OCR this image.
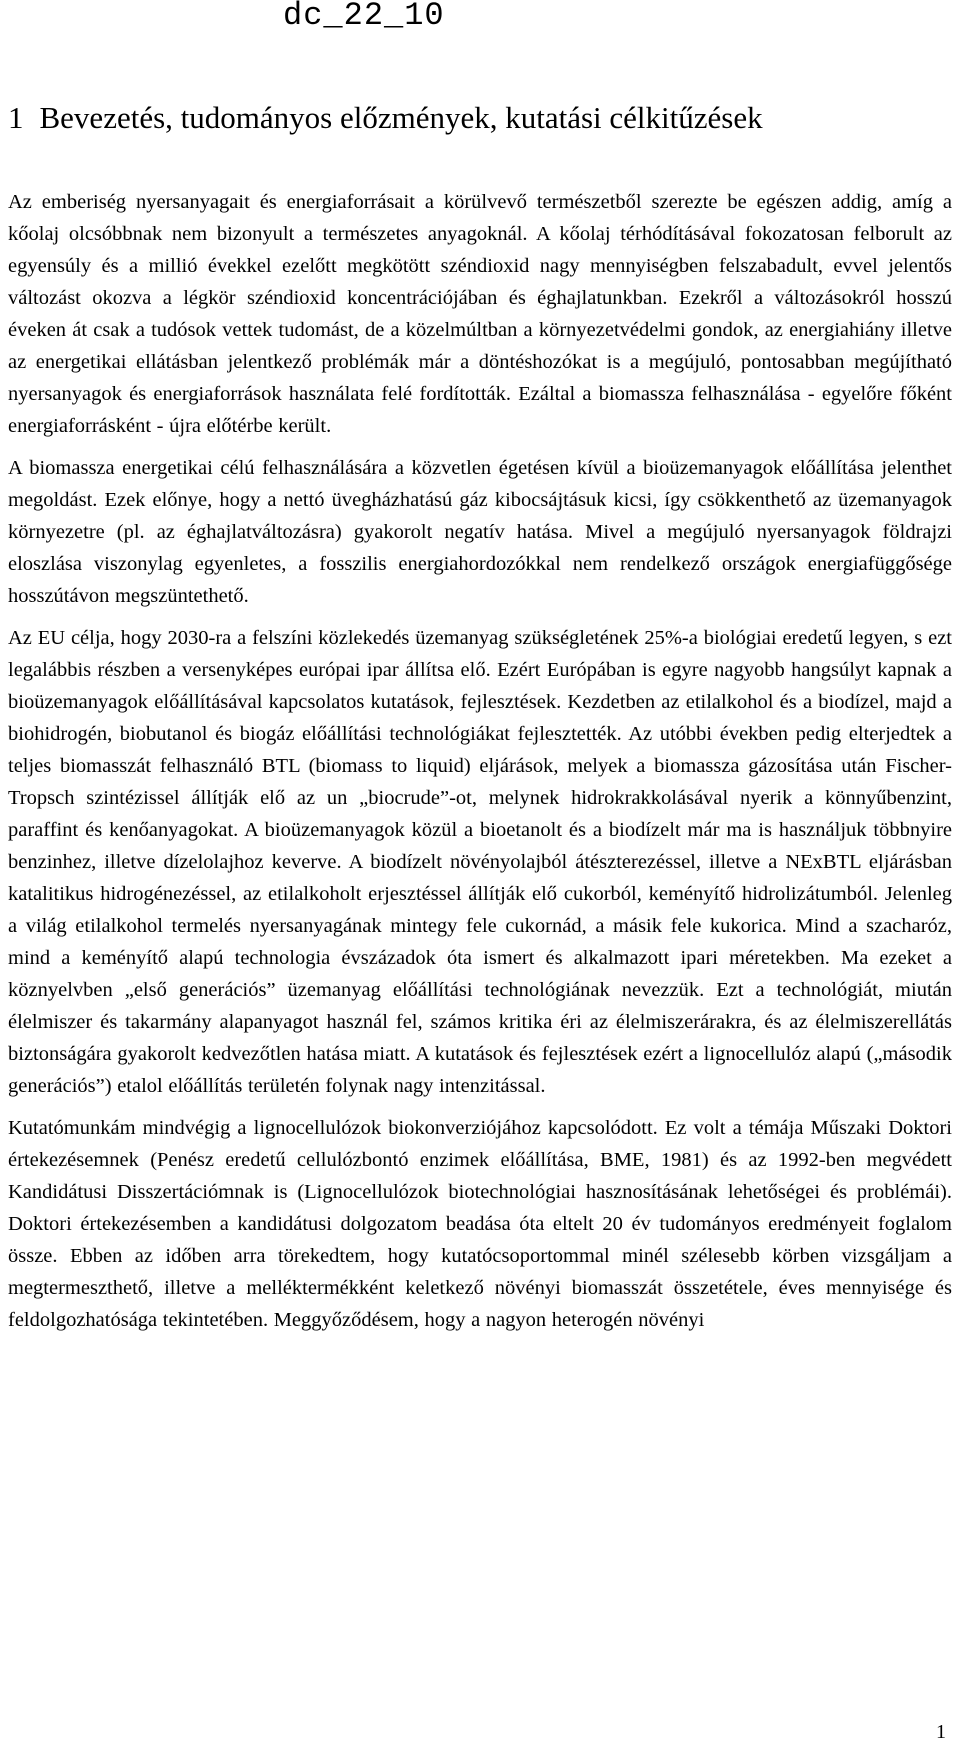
dc_22_10
1 Bevezetés, tudományos előzmények, kutatási célkitűzések

Az emberiség nyersanyagait és energiaforrásait a körülvevő természetből szerezte be egészen addig, amíg a kőolaj olcsóbbnak nem bizonyult a természetes anyagoknál. A kőolaj térhódításával fokozatosan felborult az egyensúly és a millió évekkel ezelőtt megkötött széndioxid nagy mennyiségben felszabadult, evvel jelentős változást okozva a légkör széndioxid koncentrációjában és éghajlatunkban. Ezekről a változásokról hosszú éveken át csak a tudósok vettek tudomást, de a közelmúltban a környezetvédelmi gondok, az energiahiány illetve az energetikai ellátásban jelentkező problémák már a döntéshozókat is a megújuló, pontosabban megújítható nyersanyagok és energiaforrások használata felé fordították. Ezáltal a biomassza felhasználása - egyelőre főként energiaforrásként - újra előtérbe került.

A biomassza energetikai célú felhasználására a közvetlen égetésen kívül a bioüzemanyagok előállítása jelenthet megoldást. Ezek előnye, hogy a nettó üvegházhatású gáz kibocsájtásuk kicsi, így csökkenthető az üzemanyagok környezetre (pl. az éghajlatváltozásra) gyakorolt negatív hatása. Mivel a megújuló nyersanyagok földrajzi eloszlása viszonylag egyenletes, a fosszilis energiahordozókkal nem rendelkező országok energiafüggősége hosszútávon megszüntethető.

Az EU célja, hogy 2030-ra a felszíni közlekedés üzemanyag szükségletének 25%-a biológiai eredetű legyen, s ezt legalábbis részben a versenyképes európai ipar állítsa elő. Ezért Európában is egyre nagyobb hangsúlyt kapnak a bioüzemanyagok előállításával kapcsolatos kutatások, fejlesztések. Kezdetben az etilalkohol és a biodízel, majd a biohidrogén, biobutanol és biogáz előállítási technológiákat fejlesztették. Az utóbbi években pedig elterjedtek a teljes biomasszát felhasználó BTL (biomass to liquid) eljárások, melyek a biomassza gázosítása után Fischer-Tropsch szintézissel állítják elő az un „biocrude”-ot, melynek hidrokrakkolásával nyerik a könnyűbenzint, paraffint és kenőanyagokat. A bioüzemanyagok közül a bioetanolt és a biodízelt már ma is használjuk többnyire benzinhez, illetve dízelolajhoz keverve. A biodízelt növényolajból átészterezéssel, illetve a NExBTL eljárásban katalitikus hidrogénezéssel, az etilalkoholt erjesztéssel állítják elő cukorból, keményítő hidrolizátumból. Jelenleg a világ etilalkohol termelés nyersanyagának mintegy fele cukornád, a másik fele kukorica. Mind a szacharóz, mind a keményítő alapú technologia évszázadok óta ismert és alkalmazott ipari méretekben. Ma ezeket a köznyelvben „első generációs” üzemanyag előállítási technológiának nevezzük. Ezt a technológiát, miután élelmiszer és takarmány alapanyagot használ fel, számos kritika éri az élelmiszerárakra, és az élelmiszerellátás biztonságára gyakorolt kedvezőtlen hatása miatt. A kutatások és fejlesztések ezért a lignocellulóz alapú („második generációs”) etalol előállítás területén folynak nagy intenzitással.

Kutatómunkám mindvégig a lignocellulózok biokonverziójához kapcsolódott. Ez volt a témája Műszaki Doktori értekezésemnek (Penész eredetű cellulózbontó enzimek előállítása, BME, 1981) és az 1992-ben megvédett Kandidátusi Disszertációmnak is (Lignocellulózok biotechnológiai hasznosításának lehetőségei és problémái). Doktori értekezésemben a kandidátusi dolgozatom beadása óta eltelt 20 év tudományos eredményeit foglalom össze. Ebben az időben arra törekedtem, hogy kutatócsoportommal minél szélesebb körben vizsgáljam a megtermeszthető, illetve a melléktermékként keletkező növényi biomasszát összetétele, éves mennyisége és feldolgozhatósága tekintetében. Meggyőződésem, hogy a nagyon heterogén növényi

1
